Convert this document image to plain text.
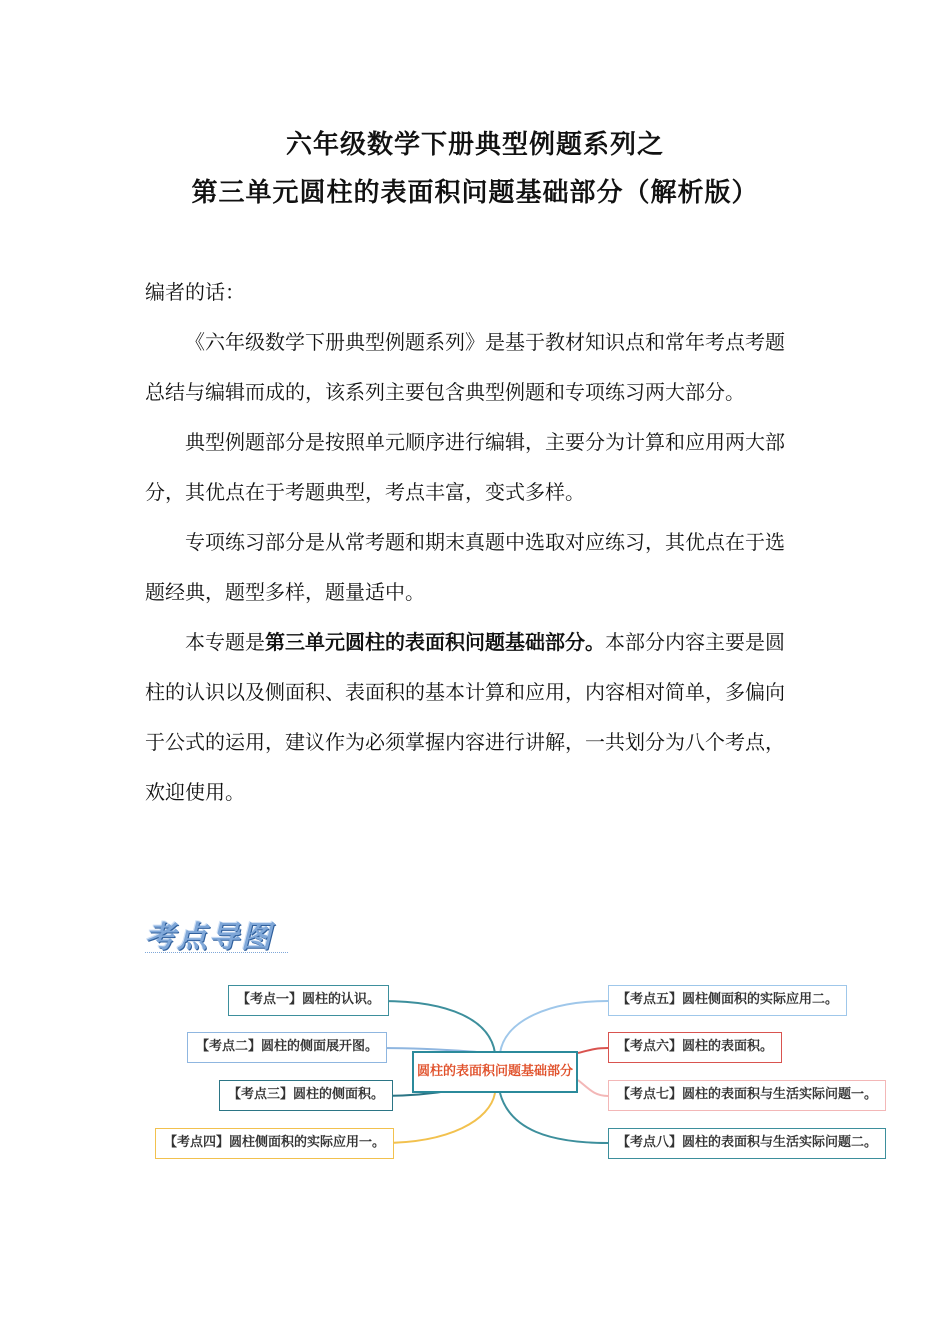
六年级数学下册典型例题系列之
第三单元圆柱的表面积问题基础部分（解析版）

编者的话：

《六年级数学下册典型例题系列》是基于教材知识点和常年考点考题总结与编辑而成的，该系列主要包含典型例题和专项练习两大部分。

典型例题部分是按照单元顺序进行编辑，主要分为计算和应用两大部分，其优点在于考题典型，考点丰富，变式多样。

专项练习部分是从常考题和期末真题中选取对应练习，其优点在于选题经典，题型多样，题量适中。

本专题是第三单元圆柱的表面积问题基础部分。本部分内容主要是圆柱的认识以及侧面积、表面积的基本计算和应用，内容相对简单，多偏向于公式的运用，建议作为必须掌握内容进行讲解，一共划分为八个考点，欢迎使用。

考点导图
【考点一】圆柱的认识。
【考点二】圆柱的侧面展开图。
【考点三】圆柱的侧面积。
【考点四】圆柱侧面积的实际应用一。
圆柱的表面积问题基础部分
【考点五】圆柱侧面积的实际应用二。
【考点六】圆柱的表面积。
【考点七】圆柱的表面积与生活实际问题一。
【考点八】圆柱的表面积与生活实际问题二。
